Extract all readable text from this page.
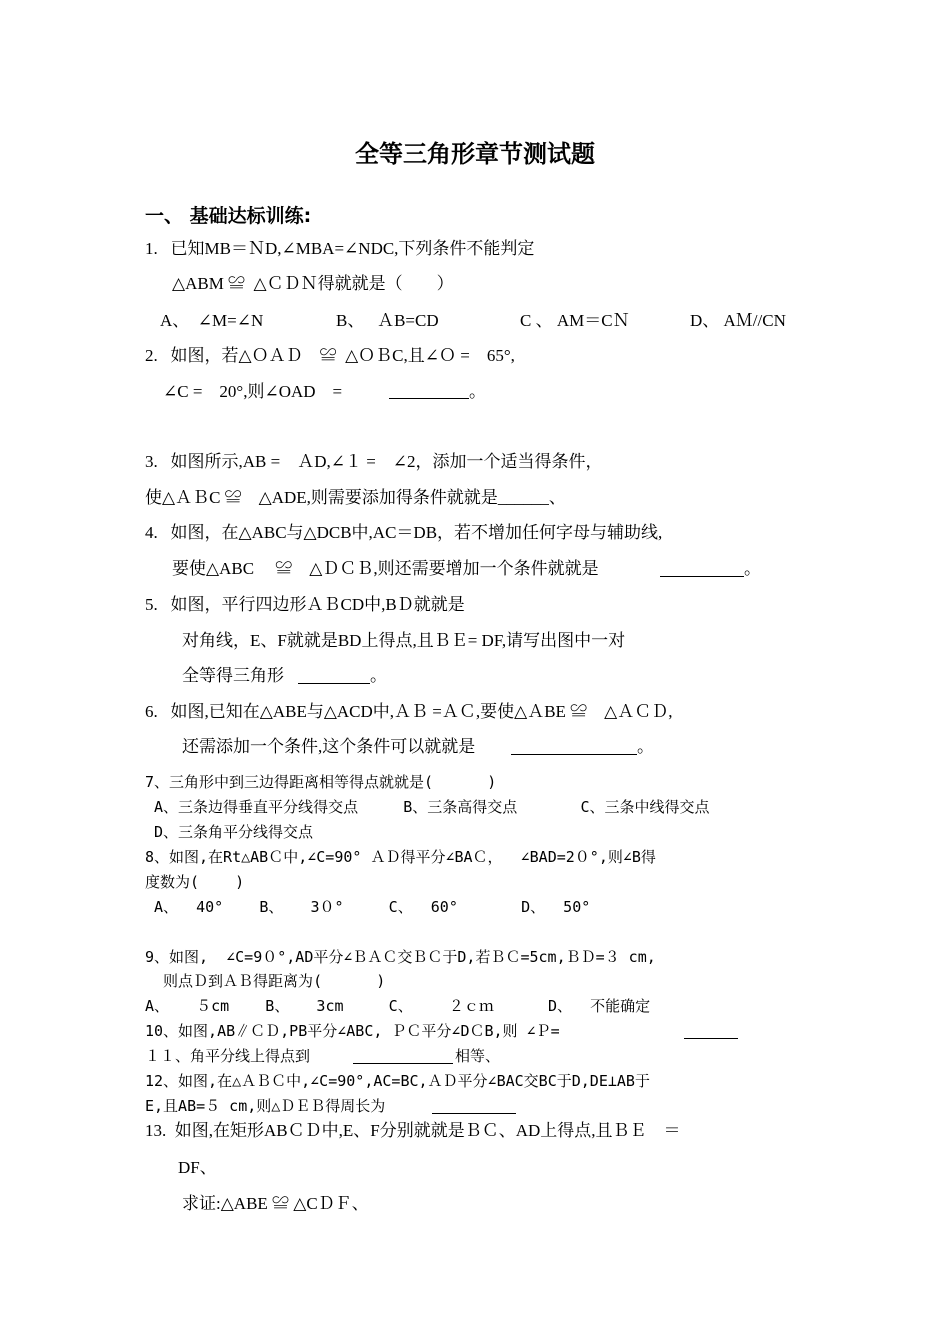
全等三角形章节测试题
一、 基础达标训练:
1.   已知MB＝ＮD,∠MBA=∠NDC,下列条件不能判定
△ABM ≌  △ＣＤＮ得就就是（        ）
A、  ∠M=∠N	B、   ＡB=CD	C 、 AM＝CＮ	D、 AＭ//CN
2.   如图，若△ＯＡＤ    ≌  △ＯＢC,且∠Ｏ =    65°,
∠C =    20°,则∠OAD    =	。
3.   如图所示,AB =    ＡD,∠１ =    ∠2，添加一个适当得条件，
使△ＡＢC ≌    △ADE,则需要添加得条件就就是______、
4.   如图，在△ABC与△DCB中,AC＝DB，若不增加任何字母与辅助线,
要使△ABC     ≌    △ＤＣＢ,则还需要增加一个条件就就是	。
5.   如图，平行四边形ＡＢCD中,BＤ就就是
对角线，E、F就就是BD上得点,且ＢＥ= DF,请写出图中一对
全等得三角形	。
6.   如图,已知在△ABE与△ACD中,ＡＢ =ＡＣ,要使△ＡBE ≌    △ＡＣＤ,
还需添加一个条件,这个条件可以就就是	。
7、三角形中到三边得距离相等得点就就是(      )
A、三条边得垂直平分线得交点     B、三条高得交点       C、三条中线得交点
D、三条角平分线得交点
8、如图,在Rt△ABＣ中,∠C=90° ＡＤ得平分∠BAＣ，  ∠BAD=2０°,则∠B得
度数为(    )
A、  40°    B、   3０°     C、  60°       D、  50°
9、如图,  ∠C=9０°,AD平分∠ＢＡＣ交ＢＣ于D,若ＢＣ=5cm,ＢＤ=３ cm,
则点Ｄ到ＡＢ得距离为(      )
A、   ５cm    B、   3cm     C、    ２ｃｍ      D、  不能确定
10、如图,AB∥ＣＤ,PB平分∠ABC, ＰＣ平分∠DＣB,则 ∠Ｐ=
１１、角平分线上得点到	相等、
12、如图,在△ＡＢＣ中,∠C=90°,AC=BC,ＡＤ平分∠BAC交BC于D,DE⊥AB于
E,且AB=５ cm,则△ＤＥＢ得周长为
13.  如图,在矩形ABＣＤ中,E、F分别就就是ＢＣ、AD上得点,且ＢＥ    ＝
DF、
求证:△ABE ≌ △CＤＦ、
